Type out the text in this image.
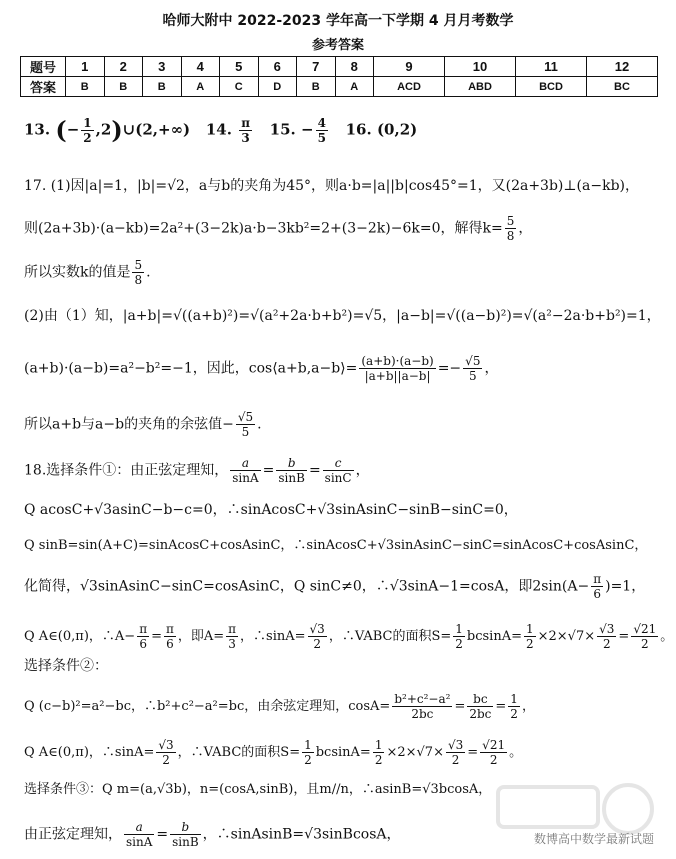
哈师大附中 2022-2023 学年高一下学期 4 月月考数学
参考答案
题号	1	2	3	4	5	6	7	8	9	10	11	12
答案	B	B	B	A	C	D	B	A	ACD	ABD	BCD	BC
13. (− $\frac{1}{2}$ ,2)∪(2,+∞) 14. $\frac{\pi}{3} 15$. − $\frac{4}{5} 16$. (0,2)
17. (1)因|a|=1，|b|=√2，a与b的夹角为45°，则a·b=|a||b|cos45°=1，又(2a+3b)⊥(a−kb)，
则(2a+3b)·(a−kb)=2a²+(3−2k)a·b−3kb²=2+(3−2k)−6k=0，解得$k= \frac{5}{8}$ ，
所以实数k的值是 $\frac{5}{8}$ .
(2)由（1）知，|a+b|=√((a+b)²)=√(a²+2a·b+b²)=√5，|a−b|=√((a−b)²)=√(a²−2a·b+b²)=1，
(a+b)·(a−b)=a²−b²=−1，因此，cos⟨a+b,a−b⟩= $\frac{(a+b)\cdot(a-b)}{|a+b||a-b|} =- \frac{√5}{5}$ ，
所以a+b与a−b的夹角的余弦值− $\frac{√5}{5}$ .
18.选择条件①：由正弦定理知， $\frac{a}{\sin A} = \frac{b}{\sin B} = \frac{c}{\sin C}$ ，
Q acosC+√3asinC−b−c=0，∴sinAcosC+√3sinAsinC−sinB−sinC=0，
Q sinB=sin(A+C)=sinAcosC+cosAsinC，∴sinAcosC+√3sinAsinC−sinC=sinAcosC+cosAsinC，
化简得，√3sinAsinC−sinC=cosAsinC，Q sinC≠0，∴√3sinA−1=cosA，即$2\sin(A- \frac{\pi}{6} )=1$，
Q A∈(0,π)，∴A− $\frac{\pi}{6} = \frac{\pi}{6}$ ，即$A= \frac{\pi}{3}$ ，∴sinA= $\frac{√3}{2}$ ，∴VABC的面积$S= \frac{1}{2} bcsinA= \frac{1}{2} \times 2\times√7\times \frac{√3}{2} = \frac{√21}{2}$ 。
选择条件②：
Q (c−b)²=a²−bc，∴b²+c²−a²=bc，由余弦定理知，$\cos A= \frac{\text{b²+c²−a²}}{2bc} = \frac{bc}{2bc} = \frac{1}{2}$ ，
Q A∈(0,π)，∴sinA= $\frac{√3}{2}$ ，∴VABC的面积$S= \frac{1}{2} bcsinA= \frac{1}{2} \times 2\times√7\times \frac{√3}{2} = \frac{√21}{2}$ 。
选择条件③：Q m=(a,√3b)，n=(cosA,sinB)，且m//n，∴asinB=√3bcosA，
由正弦定理知， $\frac{a}{\sin A} = \frac{b}{\sin B}$ ，∴sinAsinB=√3sinBcosA，	数博高中数学最新试题
